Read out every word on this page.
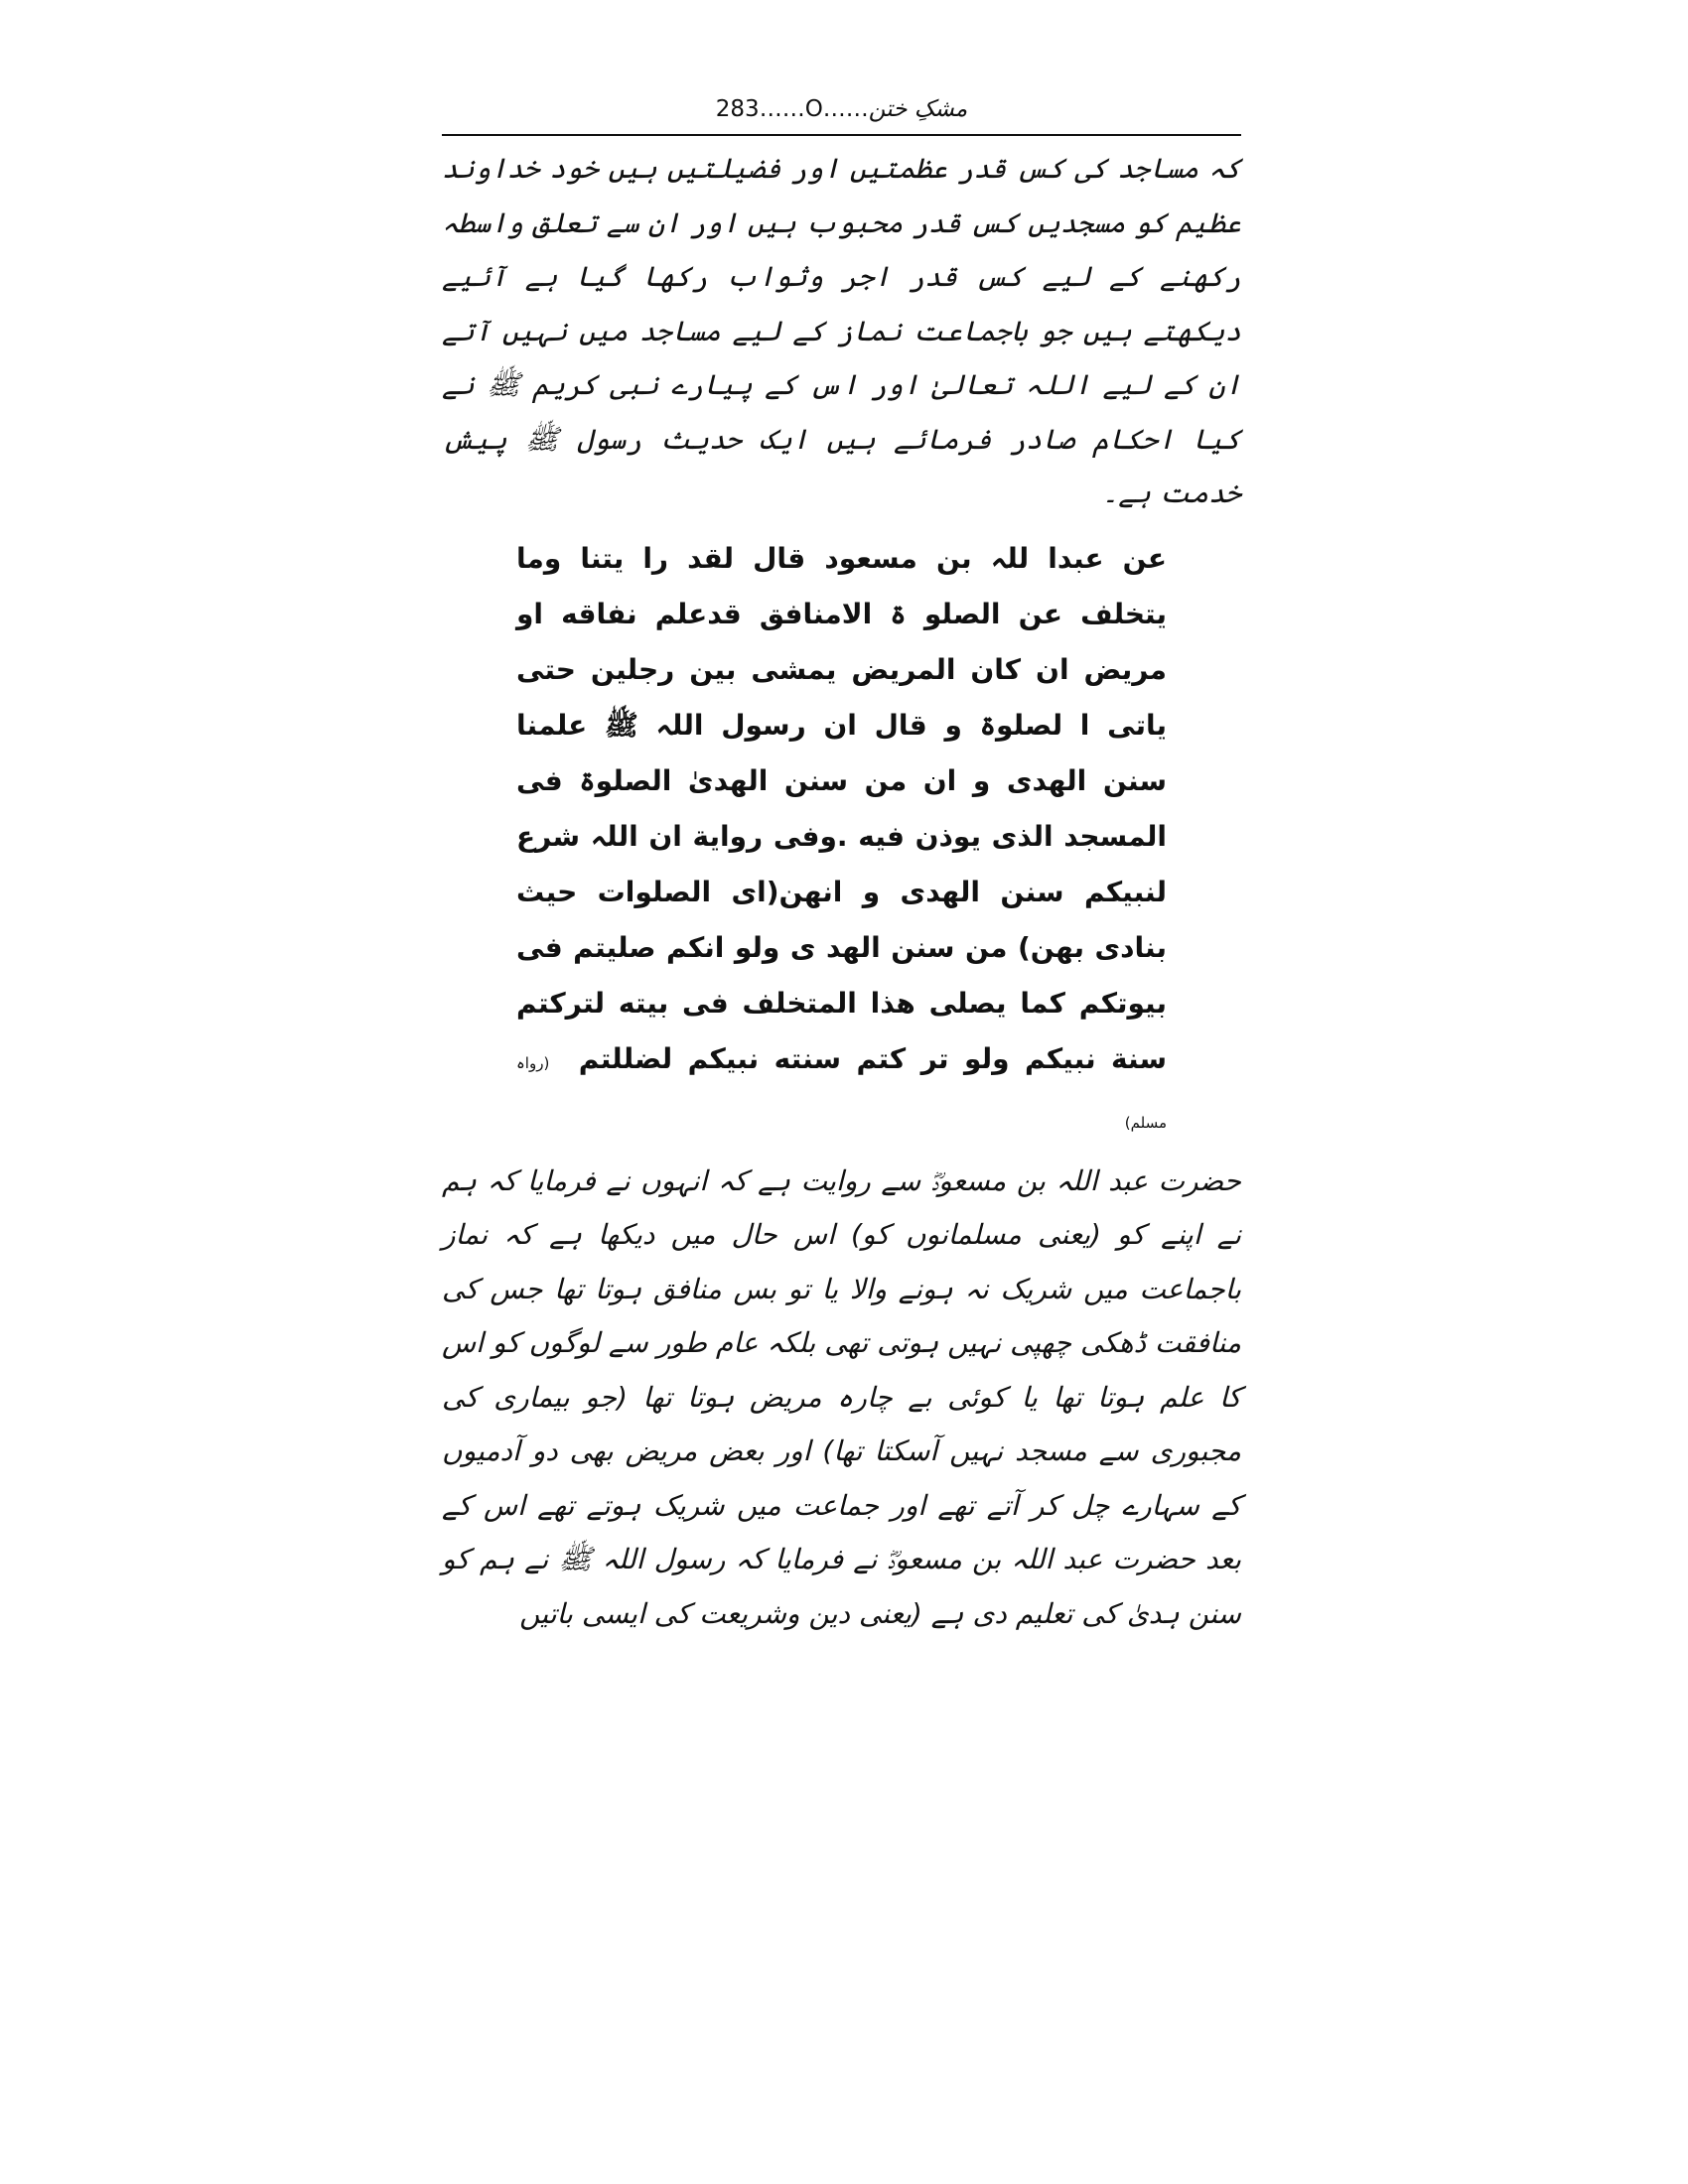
283……O……مشکِ ختن

کہ مساجد کی کس قدر عظمتیں اور فضیلتیں ہیں خود خداوند عظیم کو مسجدیں کس قدر محبوب ہیں اور ان سے تعلق واسطہ رکھنے کے لیے کس قدر اجر وثواب رکھا گیا ہے آئیے دیکھتے ہیں جو باجماعت نماز کے لیے مساجد میں نہیں آتے ان کے لیے اللہ تعالیٰ اور اس کے پیارے نبی کریم ﷺ نے کیا احکام صادر فرمائے ہیں ایک حدیث رسول ﷺ پیش خدمت ہے۔

عن عبدا للہ بن مسعود قال لقد را یتنا وما یتخلف عن الصلو ۃ الامنافق قدعلم نفاقه او مریض ان کان المریض یمشی بین رجلین حتی یاتی ا لصلوۃ و قال ان رسول اللہ ﷺ علمنا سنن الهدی و ان من سنن الهدیٰ الصلوۃ فی المسجد الذی یوذن فیه .وفی روایة ان اللہ شرع لنبیکم سنن الهدی و انهن(ای الصلوات حیث بنادی بهن) من سنن الهد ی ولو انکم صلیتم فی بیوتکم کما یصلی هذا المتخلف فی بیته لترکتم سنة نبیکم ولو تر کتم سنته نبیکم لضللتم (رواہ مسلم)

حضرت عبد اللہ بن مسعودؓ سے روایت ہے کہ انہوں نے فرمایا کہ ہم نے اپنے کو (یعنی مسلمانوں کو) اس حال میں دیکھا ہے کہ نماز باجماعت میں شریک نہ ہونے والا یا تو بس منافق ہوتا تھا جس کی منافقت ڈھکی چھپی نہیں ہوتی تھی بلکہ عام طور سے لوگوں کو اس کا علم ہوتا تھا یا کوئی بے چارہ مریض ہوتا تھا (جو بیماری کی مجبوری سے مسجد نہیں آسکتا تھا) اور بعض مریض بھی دو آدمیوں کے سہارے چل کر آتے تھے اور جماعت میں شریک ہوتے تھے اس کے بعد حضرت عبد اللہ بن مسعودؓ نے فرمایا کہ رسول اللہ ﷺ نے ہم کو سنن ہدیٰ کی تعلیم دی ہے (یعنی دین وشریعت کی ایسی باتیں
